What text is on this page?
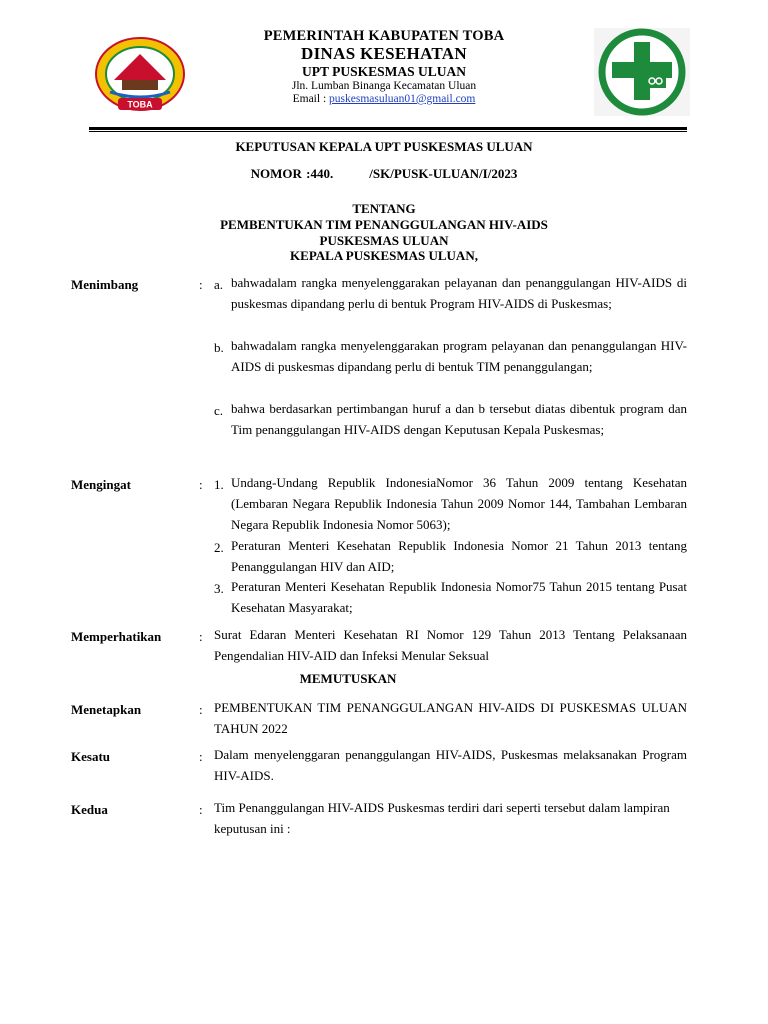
TOBA
PEMERINTAH KABUPATEN TOBA
DINAS KESEHATAN
UPT PUSKESMAS ULUAN
Jln. Lumban Binanga Kecamatan Uluan
Email : puskesmasuluan01@gmail.com
KEPUTUSAN KEPALA UPT PUSKESMAS ULUAN
NOMOR :440.	/SK/PUSK-ULUAN/I/2023
TENTANG
PEMBENTUKAN TIM PENANGGULANGAN HIV-AIDS
PUSKESMAS ULUAN
KEPALA PUSKESMAS ULUAN,
Menimbang	: a. bahwadalam rangka menyelenggarakan pelayanan dan penanggulangan HIV-AIDS di puskesmas dipandang perlu di bentuk Program HIV-AIDS di Puskesmas;
b. bahwadalam rangka menyelenggarakan program pelayanan dan penanggulangan HIV-AIDS di puskesmas dipandang perlu di bentuk TIM penanggulangan;
c. bahwa berdasarkan pertimbangan huruf a dan b tersebut diatas dibentuk program dan Tim penanggulangan HIV-AIDS dengan Keputusan Kepala Puskesmas;
Mengingat	: 1. Undang-Undang Republik IndonesiaNomor 36 Tahun 2009 tentang Kesehatan (Lembaran Negara Republik Indonesia Tahun 2009 Nomor 144, Tambahan Lembaran Negara Republik Indonesia Nomor 5063);
2. Peraturan Menteri Kesehatan Republik Indonesia Nomor 21 Tahun 2013 tentang Penanggulangan HIV dan AID;
3. Peraturan Menteri Kesehatan Republik Indonesia Nomor75 Tahun 2015 tentang Pusat Kesehatan Masyarakat;
Memperhatikan	: Surat Edaran Menteri Kesehatan RI Nomor 129 Tahun 2013 Tentang Pelaksanaan Pengendalian HIV-AID dan Infeksi Menular Seksual
MEMUTUSKAN
Menetapkan	: PEMBENTUKAN TIM PENANGGULANGAN HIV-AIDS DI PUSKESMAS ULUAN TAHUN 2022
Kesatu	: Dalam menyelenggaran penanggulangan HIV-AIDS, Puskesmas melaksanakan Program HIV-AIDS.
Kedua	: Tim Penanggulangan HIV-AIDS Puskesmas terdiri dari seperti tersebut dalam lampiran keputusan ini :
